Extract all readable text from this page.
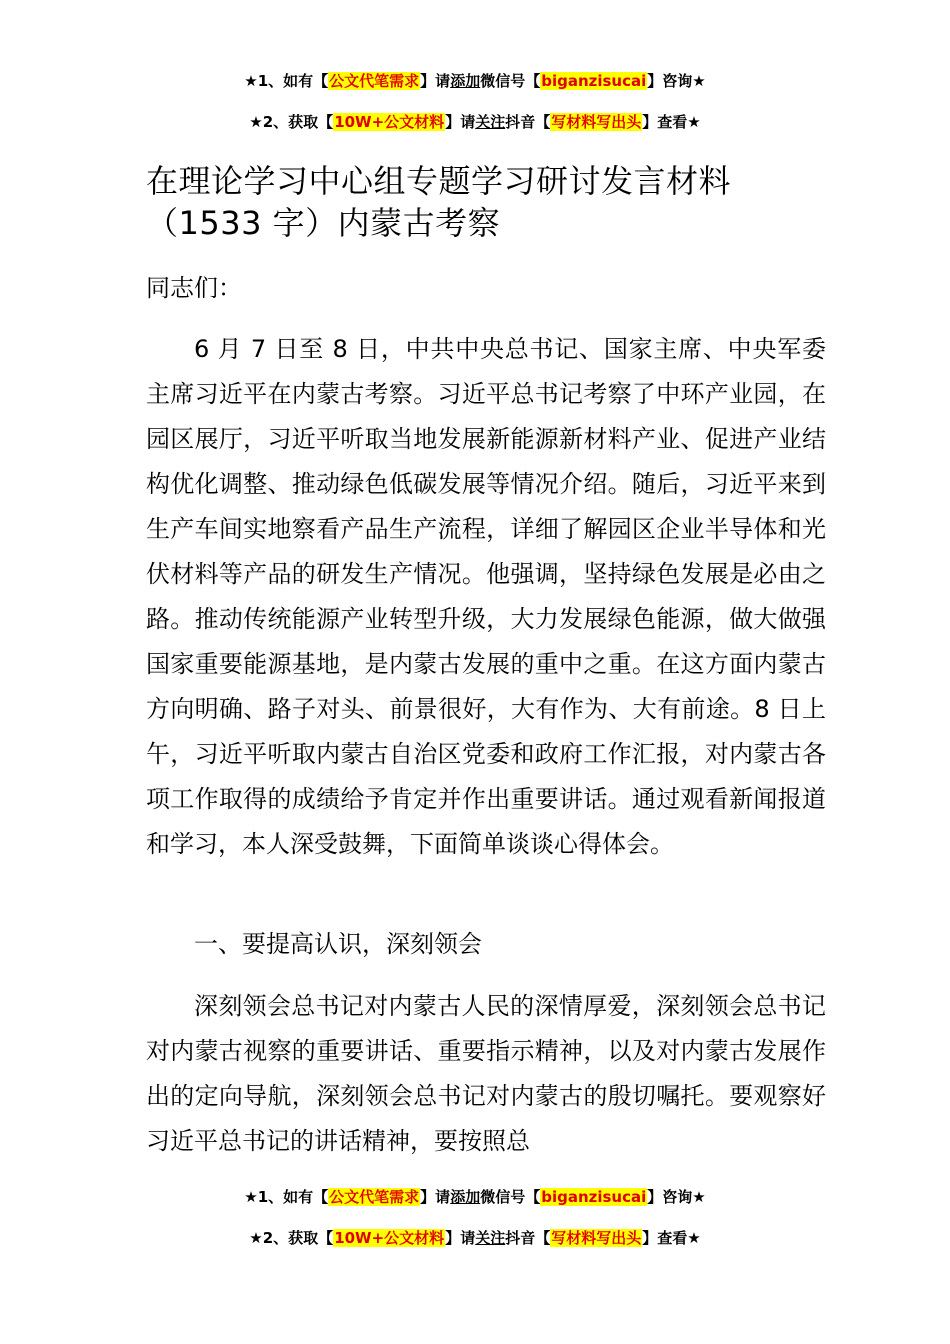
★1、如有【公文代笔需求】请添加微信号【biganzisucai】咨询★
★2、获取【10W+公文材料】请关注抖音【写材料写出头】查看★
在理论学习中心组专题学习研讨发言材料
（1533 字）内蒙古考察
同志们：
6 月 7 日至 8 日，中共中央总书记、国家主席、中央军委主席习近平在内蒙古考察。习近平总书记考察了中环产业园，在园区展厅，习近平听取当地发展新能源新材料产业、促进产业结构优化调整、推动绿色低碳发展等情况介绍。随后，习近平来到生产车间实地察看产品生产流程，详细了解园区企业半导体和光伏材料等产品的研发生产情况。他强调，坚持绿色发展是必由之路。推动传统能源产业转型升级，大力发展绿色能源，做大做强国家重要能源基地，是内蒙古发展的重中之重。在这方面内蒙古方向明确、路子对头、前景很好，大有作为、大有前途。8 日上午，习近平听取内蒙古自治区党委和政府工作汇报，对内蒙古各项工作取得的成绩给予肯定并作出重要讲话。通过观看新闻报道和学习，本人深受鼓舞，下面简单谈谈心得体会。
一、要提高认识，深刻领会
深刻领会总书记对内蒙古人民的深情厚爱，深刻领会总书记对内蒙古视察的重要讲话、重要指示精神，以及对内蒙古发展作出的定向导航，深刻领会总书记对内蒙古的殷切嘱托。要观察好习近平总书记的讲话精神，要按照总
★1、如有【公文代笔需求】请添加微信号【biganzisucai】咨询★
★2、获取【10W+公文材料】请关注抖音【写材料写出头】查看★
